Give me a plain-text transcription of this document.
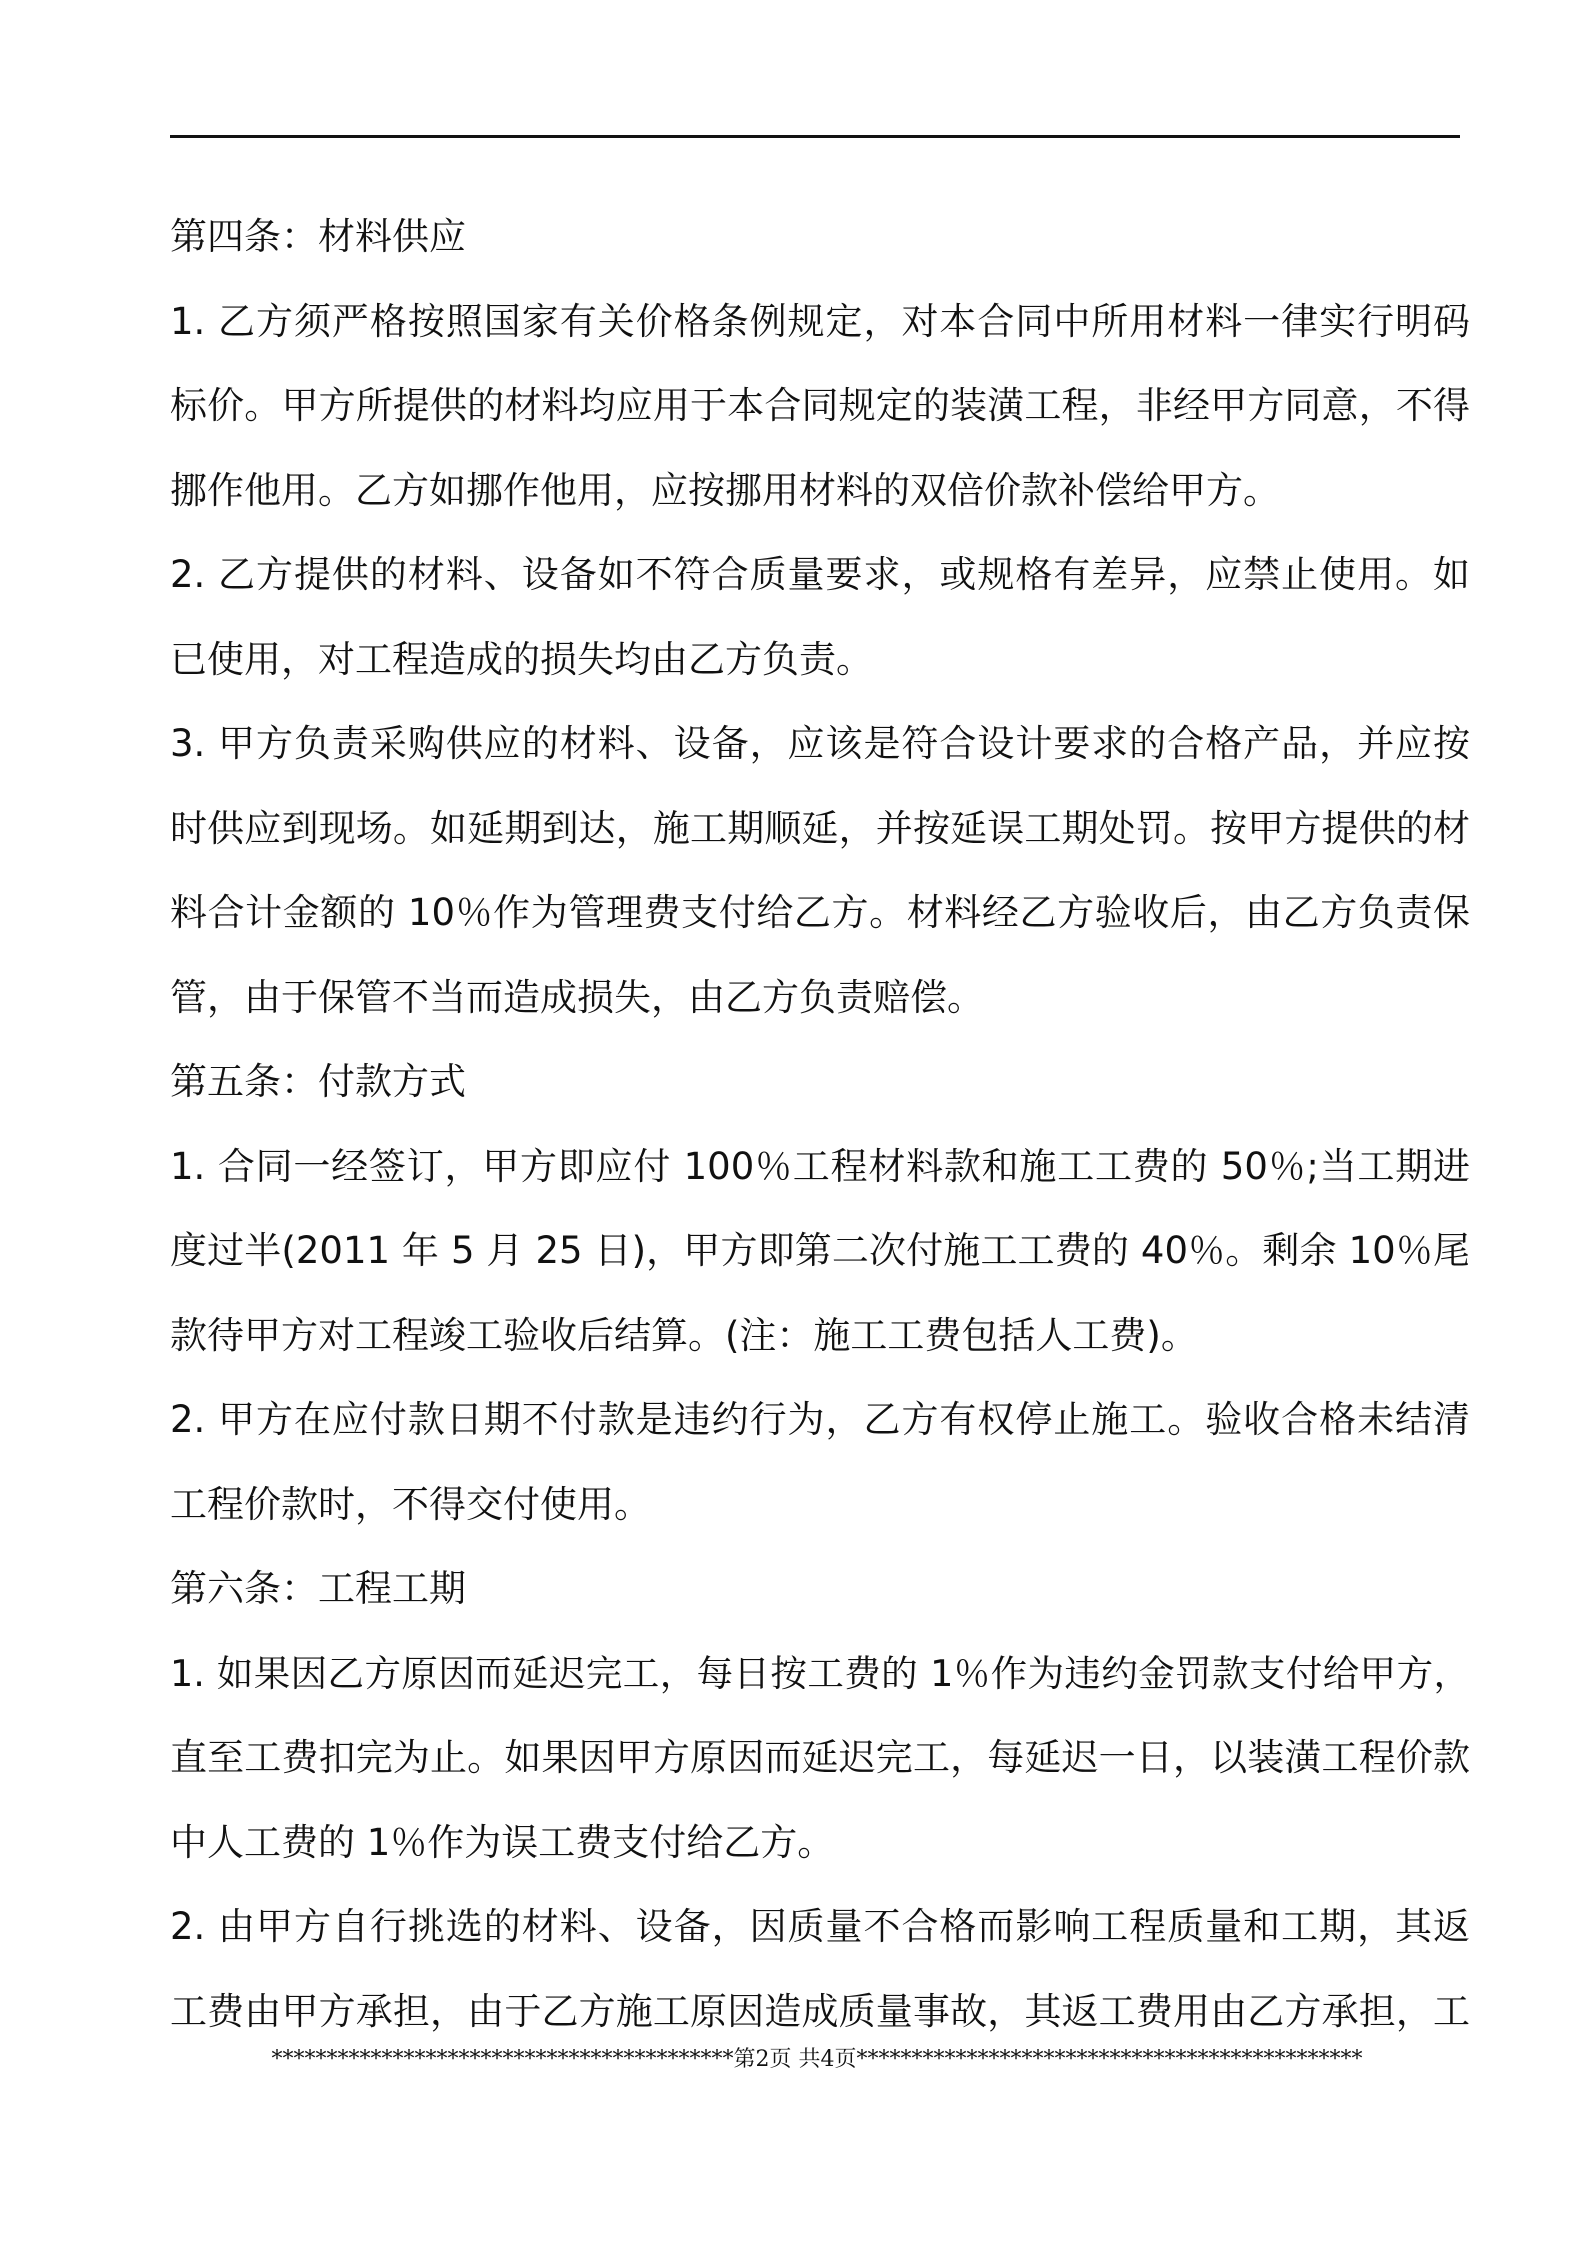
第四条：材料供应
1. 乙方须严格按照国家有关价格条例规定，对本合同中所用材料一律实行明码
标价。甲方所提供的材料均应用于本合同规定的装潢工程，非经甲方同意，不得
挪作他用。乙方如挪作他用，应按挪用材料的双倍价款补偿给甲方。
2. 乙方提供的材料、设备如不符合质量要求，或规格有差异，应禁止使用。如
已使用，对工程造成的损失均由乙方负责。
3. 甲方负责采购供应的材料、设备，应该是符合设计要求的合格产品，并应按
时供应到现场。如延期到达，施工期顺延，并按延误工期处罚。按甲方提供的材
料合计金额的 10％作为管理费支付给乙方。材料经乙方验收后，由乙方负责保
管，由于保管不当而造成损失，由乙方负责赔偿。
第五条：付款方式
1. 合同一经签订，甲方即应付 100％工程材料款和施工工费的 50％;当工期进
度过半(2011 年 5 月 25 日)，甲方即第二次付施工工费的 40％。剩余 10％尾
款待甲方对工程竣工验收后结算。(注：施工工费包括人工费)。
2. 甲方在应付款日期不付款是违约行为，乙方有权停止施工。验收合格未结清
工程价款时，不得交付使用。
第六条：工程工期
1. 如果因乙方原因而延迟完工，每日按工费的 1％作为违约金罚款支付给甲方，
直至工费扣完为止。如果因甲方原因而延迟完工，每延迟一日，以装潢工程价款
中人工费的 1％作为误工费支付给乙方。
2. 由甲方自行挑选的材料、设备，因质量不合格而影响工程质量和工期，其返
工费由甲方承担，由于乙方施工原因造成质量事故，其返工费用由乙方承担，工
******************************************第2页 共4页**********************************************
